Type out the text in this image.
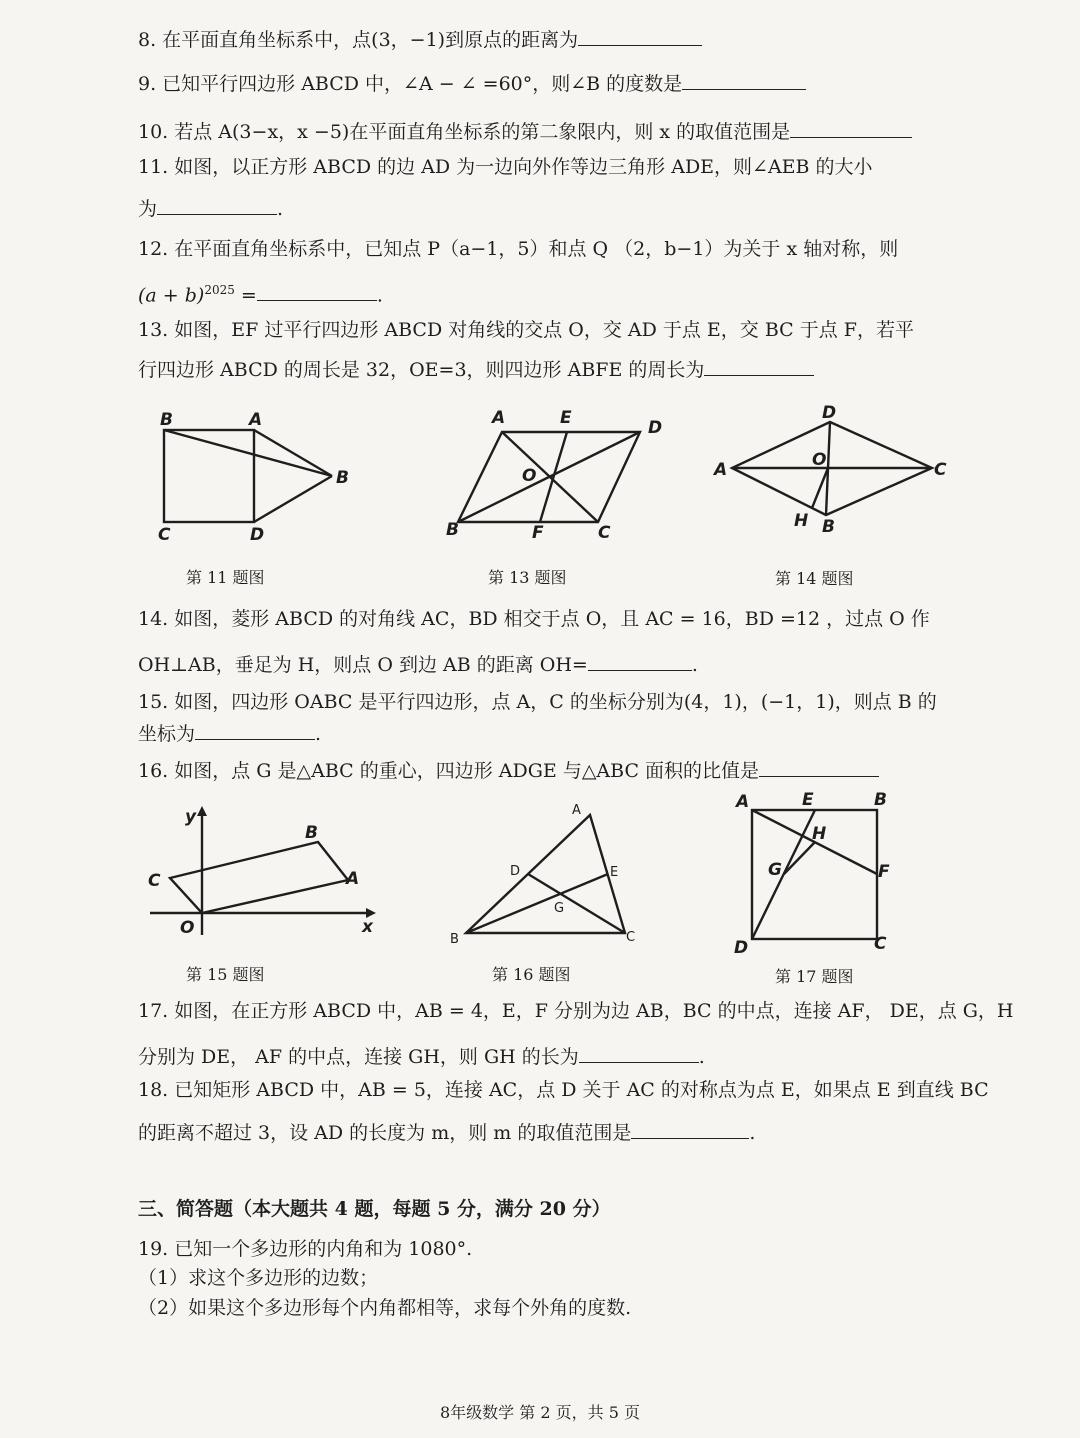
8. 在平面直角坐标系中，点(3，−1)到原点的距离为
9. 已知平行四边形 ABCD 中，∠A − ∠ =60°，则∠B 的度数是
10. 若点 A(3−x，x −5)在平面直角坐标系的第二象限内，则 x 的取值范围是
11. 如图，以正方形 ABCD 的边 AD 为一边向外作等边三角形 ADE，则∠AEB 的大小
为	.
12. 在平面直角坐标系中，已知点 P（a−1，5）和点 Q （2，b−1）为关于 x 轴对称，则
$(a + b)^{2025}$ =	.
13. 如图，EF 过平行四边形 ABCD 对角线的交点 O，交 AD 于点 E，交 BC 于点 F，若平
行四边形 ABCD 的周长是 32，OE=3，则四边形 ABFE 的周长为
B	A
B
C	D
第 11 题图
A	E	D
O
B	F	C
第 13 题图
D
A	O	C
H B
第 14 题图
14. 如图，菱形 ABCD 的对角线 AC，BD 相交于点 O，且 AC = 16，BD =12 ，过点 O 作
OH⊥AB，垂足为 H，则点 O 到边 AB 的距离 OH=	.
15. 如图，四边形 OABC 是平行四边形，点 A，C 的坐标分别为(4，1)，(−1，1)，则点 B 的
坐标为	.
16. 如图，点 G 是△ABC 的重心，四边形 ADGE 与△ABC 面积的比值是
y
B
C	A
O	x
第 15 题图
A
D	E
G
B	C
第 16 题图
A	E	B
H
G	F
D	C
第 17 题图
17. 如图，在正方形 ABCD 中，AB = 4，E，F 分别为边 AB，BC 的中点，连接 AF， DE，点 G，H
分别为 DE， AF 的中点，连接 GH，则 GH 的长为	.
18. 已知矩形 ABCD 中，AB = 5，连接 AC，点 D 关于 AC 的对称点为点 E，如果点 E 到直线 BC
的距离不超过 3，设 AD 的长度为 m，则 m 的取值范围是	.
三、简答题（本大题共 4 题，每题 5 分，满分 20 分）
19. 已知一个多边形的内角和为 1080°.
（1）求这个多边形的边数；
（2）如果这个多边形每个内角都相等，求每个外角的度数.
8年级数学 第 2 页，共 5 页
